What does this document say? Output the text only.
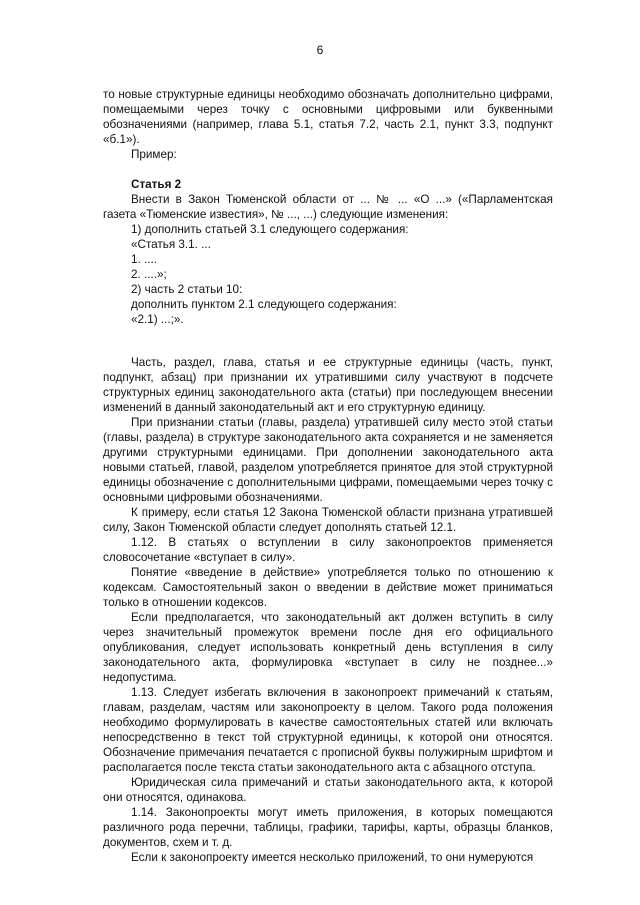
6

то новые структурные единицы необходимо обозначать дополнительно цифрами, помещаемыми через точку с основными цифровыми или буквенными обозначениями (например, глава 5.1, статья 7.2, часть 2.1, пункт 3.3, подпункт «б.1»).

Пример:

Статья 2

Внести в Закон Тюменской области от ... № ... «О ...» («Парламентская газета «Тюменские известия», № ..., ...) следующие изменения:

1) дополнить статьей 3.1 следующего содержания:

«Статья 3.1. ...

1. ....

2. ....»;

2) часть 2 статьи 10:

дополнить пунктом 2.1 следующего содержания:

«2.1) ...;».

Часть, раздел, глава, статья и ее структурные единицы (часть, пункт, подпункт, абзац) при признании их утратившими силу участвуют в подсчете структурных единиц законодательного акта (статьи) при последующем внесении изменений в данный законодательный акт и его структурную единицу.

При признании статьи (главы, раздела) утратившей силу место этой статьи (главы, раздела) в структуре законодательного акта сохраняется и не заменяется другими структурными единицами. При дополнении законодательного акта новыми статьей, главой, разделом употребляется принятое для этой структурной единицы обозначение с дополнительными цифрами, помещаемыми через точку с основными цифровыми обозначениями.

К примеру, если статья 12 Закона Тюменской области признана утратившей силу, Закон Тюменской области следует дополнять статьей 12.1.

1.12. В статьях о вступлении в силу законопроектов применяется словосочетание «вступает в силу».

Понятие «введение в действие» употребляется только по отношению к кодексам. Самостоятельный закон о введении в действие может приниматься только в отношении кодексов.

Если предполагается, что законодательный акт должен вступить в силу через значительный промежуток времени после дня его официального опубликования, следует использовать конкретный день вступления в силу законодательного акта, формулировка «вступает в силу не позднее...» недопустима.

1.13. Следует избегать включения в законопроект примечаний к статьям, главам, разделам, частям или законопроекту в целом. Такого рода положения необходимо формулировать в качестве самостоятельных статей или включать непосредственно в текст той структурной единицы, к которой они относятся. Обозначение примечания печатается с прописной буквы полужирным шрифтом и располагается после текста статьи законодательного акта с абзацного отступа.

Юридическая сила примечаний и статьи законодательного акта, к которой они относятся, одинакова.

1.14. Законопроекты могут иметь приложения, в которых помещаются различного рода перечни, таблицы, графики, тарифы, карты, образцы бланков, документов, схем и т. д.

Если к законопроекту имеется несколько приложений, то они нумеруются
